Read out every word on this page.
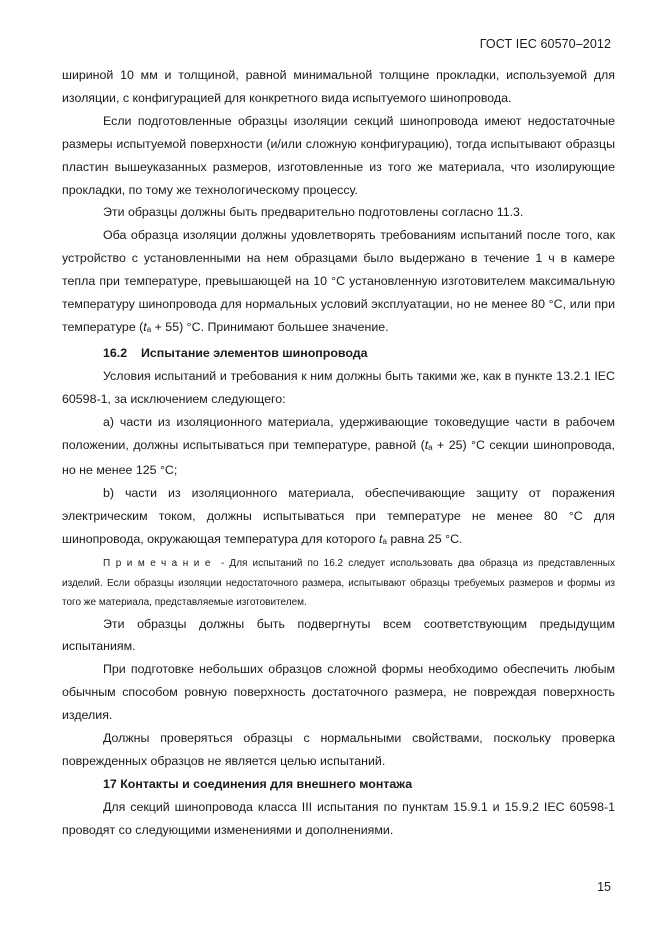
ГОСТ IEC 60570–2012

шириной 10 мм и толщиной, равной минимальной толщине прокладки, используемой для изоляции, с конфигурацией для конкретного вида испытуемого шинопровода.

Если подготовленные образцы изоляции секций шинопровода имеют недостаточные размеры испытуемой поверхности (и/или сложную конфигурацию), тогда испытывают образцы пластин вышеуказанных размеров, изготовленные из того же материала, что изолирующие прокладки, по тому же технологическому процессу.

Эти образцы должны быть предварительно подготовлены согласно 11.3.

Оба образца изоляции должны удовлетворять требованиям испытаний после того, как устройство с установленными на нем образцами было выдержано в течение 1 ч в камере тепла при температуре, превышающей на 10 °С установленную изготовителем максимальную температуру шинопровода для нормальных условий эксплуатации, но не менее 80 °С, или при температуре $(t_a + 55)$ °С. Принимают большее значение.

16.2 Испытание элементов шинопровода

Условия испытаний и требования к ним должны быть такими же, как в пункте 13.2.1 IEC 60598-1, за исключением следующего:

а) части из изоляционного материала, удерживающие токоведущие части в рабочем положении, должны испытываться при температуре, равной $(t_a + 25)$ °С секции шинопровода, но не менее 125 °С;

b) части из изоляционного материала, обеспечивающие защиту от поражения электрическим током, должны испытываться при температуре не менее 80 °С для шинопровода, окружающая температура для которого $t_a$ равна 25 °С.

Примечание - Для испытаний по 16.2 следует использовать два образца из представленных изделий. Если образцы изоляции недостаточного размера, испытывают образцы требуемых размеров и формы из того же материала, представляемые изготовителем.

Эти образцы должны быть подвергнуты всем соответствующим предыдущим испытаниям.

При подготовке небольших образцов сложной формы необходимо обеспечить любым обычным способом ровную поверхность достаточного размера, не повреждая поверхность изделия.

Должны проверяться образцы с нормальными свойствами, поскольку проверка поврежденных образцов не является целью испытаний.

17 Контакты и соединения для внешнего монтажа

Для секций шинопровода класса III испытания по пунктам 15.9.1 и 15.9.2 IEC 60598-1 проводят со следующими изменениями и дополнениями.

15
